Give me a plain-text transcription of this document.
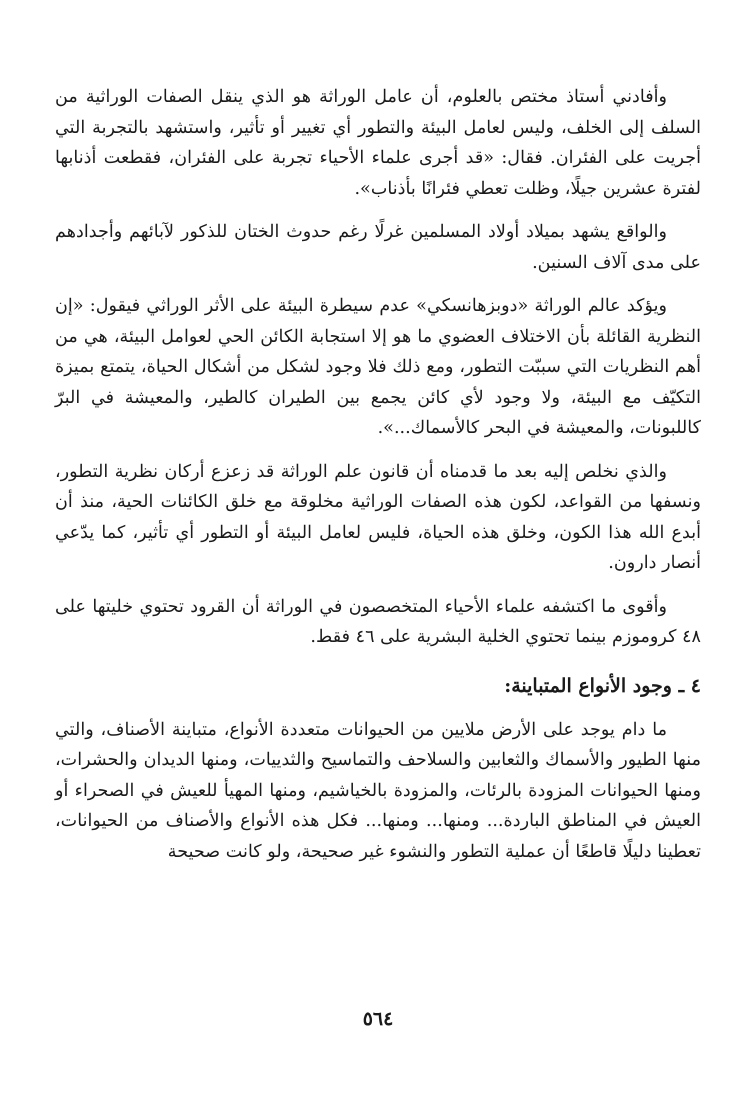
وأفادني أستاذ مختص بالعلوم، أن عامل الوراثة هو الذي ينقل الصفات الوراثية من السلف إلى الخلف، وليس لعامل البيئة والتطور أي تغيير أو تأثير، واستشهد بالتجربة التي أجريت على الفئران. فقال: «قد أجرى علماء الأحياء تجربة على الفئران، فقطعت أذنابها لفترة عشرين جيلًا، وظلت تعطي فئرانًا بأذناب».

والواقع يشهد بميلاد أولاد المسلمين غرلًا رغم حدوث الختان للذكور لآبائهم وأجدادهم على مدى آلاف السنين.

ويؤكد عالم الوراثة «دوبزهانسكي» عدم سيطرة البيئة على الأثر الوراثي فيقول: «إن النظرية القائلة بأن الاختلاف العضوي ما هو إلا استجابة الكائن الحي لعوامل البيئة، هي من أهم النظريات التي سببّت التطور، ومع ذلك فلا وجود لشكل من أشكال الحياة، يتمتع بميزة التكيّف مع البيئة، ولا وجود لأي كائن يجمع بين الطيران كالطير، والمعيشة في البرّ كاللبونات، والمعيشة في البحر كالأسماك...».

والذي نخلص إليه بعد ما قدمناه أن قانون علم الوراثة قد زعزع أركان نظرية التطور، ونسفها من القواعد، لكون هذه الصفات الوراثية مخلوقة مع خلق الكائنات الحية، منذ أن أبدع الله هذا الكون، وخلق هذه الحياة، فليس لعامل البيئة أو التطور أي تأثير، كما يدّعي أنصار دارون.

وأقوى ما اكتشفه علماء الأحياء المتخصصون في الوراثة أن القرود تحتوي خليتها على ٤٨ كروموزم بينما تحتوي الخلية البشرية على ٤٦ فقط.

٤ ـ وجود الأنواع المتباينة:

ما دام يوجد على الأرض ملايين من الحيوانات متعددة الأنواع، متباينة الأصناف، والتي منها الطيور والأسماك والثعابين والسلاحف والتماسيح والثدييات، ومنها الديدان والحشرات، ومنها الحيوانات المزودة بالرئات، والمزودة بالخياشيم، ومنها المهيأ للعيش في الصحراء أو العيش في المناطق الباردة... ومنها... ومنها... فكل هذه الأنواع والأصناف من الحيوانات، تعطينا دليلًا قاطعًا أن عملية التطور والنشوء غير صحيحة، ولو كانت صحيحة

٥٦٤
